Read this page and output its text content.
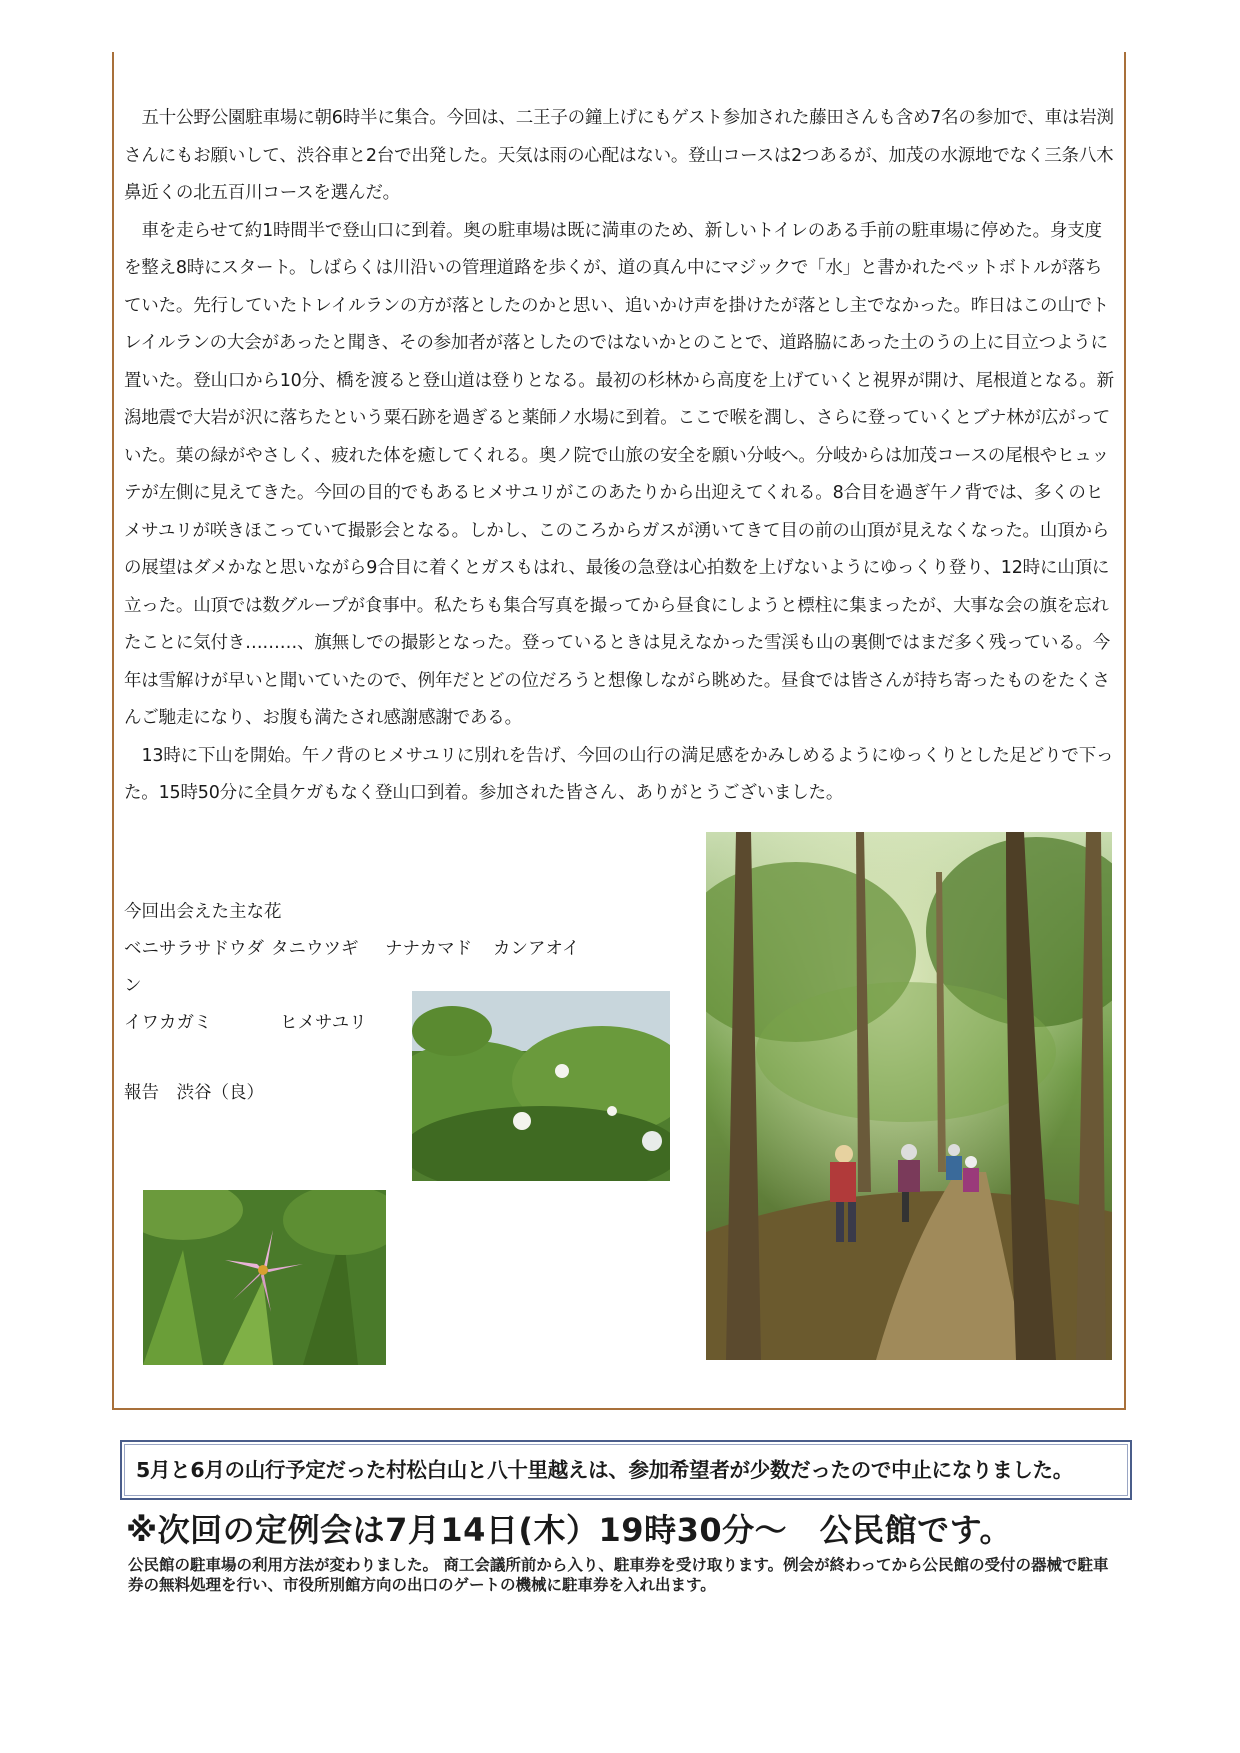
五十公野公園駐車場に朝6時半に集合。今回は、二王子の鐘上げにもゲスト参加された藤田さんも含め7名の参加で、車は岩渕さんにもお願いして、渋谷車と2台で出発した。天気は雨の心配はない。登山コースは2つあるが、加茂の水源地でなく三条八木鼻近くの北五百川コースを選んだ。

車を走らせて約1時間半で登山口に到着。奥の駐車場は既に満車のため、新しいトイレのある手前の駐車場に停めた。身支度を整え8時にスタート。しばらくは川沿いの管理道路を歩くが、道の真ん中にマジックで「水」と書かれたペットボトルが落ちていた。先行していたトレイルランの方が落としたのかと思い、追いかけ声を掛けたが落とし主でなかった。昨日はこの山でトレイルランの大会があったと聞き、その参加者が落としたのではないかとのことで、道路脇にあった土のうの上に目立つように置いた。登山口から10分、橋を渡ると登山道は登りとなる。最初の杉林から高度を上げていくと視界が開け、尾根道となる。新潟地震で大岩が沢に落ちたという粟石跡を過ぎると薬師ノ水場に到着。ここで喉を潤し、さらに登っていくとブナ林が広がっていた。葉の緑がやさしく、疲れた体を癒してくれる。奥ノ院で山旅の安全を願い分岐へ。分岐からは加茂コースの尾根やヒュッテが左側に見えてきた。今回の目的でもあるヒメサユリがこのあたりから出迎えてくれる。8合目を過ぎ午ノ背では、多くのヒメサユリが咲きほこっていて撮影会となる。しかし、このころからガスが湧いてきて目の前の山頂が見えなくなった。山頂からの展望はダメかなと思いながら9合目に着くとガスもはれ、最後の急登は心拍数を上げないようにゆっくり登り、12時に山頂に立った。山頂では数グループが食事中。私たちも集合写真を撮ってから昼食にしようと標柱に集まったが、大事な会の旗を忘れたことに気付き………、旗無しでの撮影となった。登っているときは見えなかった雪渓も山の裏側ではまだ多く残っている。今年は雪解けが早いと聞いていたので、例年だとどの位だろうと想像しながら眺めた。昼食では皆さんが持ち寄ったものをたくさんご馳走になり、お腹も満たされ感謝感謝である。

13時に下山を開始。午ノ背のヒメサユリに別れを告げ、今回の山行の満足感をかみしめるようにゆっくりとした足どりで下った。15時50分に全員ケガもなく登山口到着。参加された皆さん、ありがとうございました。

今回出会えた主な花
ベニサラサドウダン
タニウツギ	ナナカマド	カンアオイ
イワカガミ	ヒメサユリ
報告　渋谷（良）
5月と6月の山行予定だった村松白山と八十里越えは、参加希望者が少数だったので中止になりました。
※次回の定例会は7月14日(木）19時30分～　公民館です。
公民館の駐車場の利用方法が変わりました。 商工会議所前から入り、駐車券を受け取ります。例会が終わってから公民館の受付の器械で駐車券の無料処理を行い、市役所別館方向の出口のゲートの機械に駐車券を入れ出ます。
